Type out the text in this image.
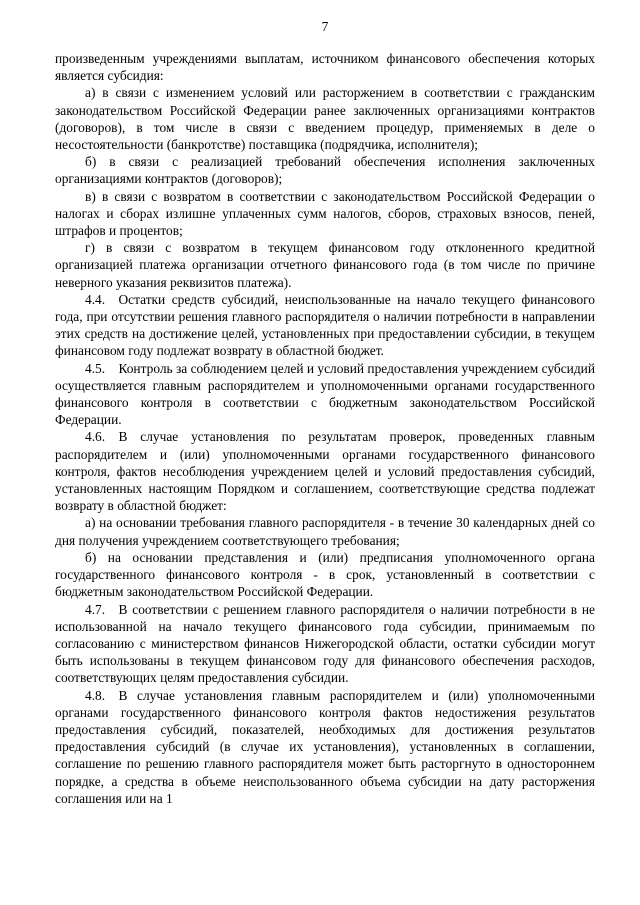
7

произведенным учреждениями выплатам, источником финансового обеспечения которых является субсидия:

а) в связи с изменением условий или расторжением в соответствии с гражданским законодательством Российской Федерации ранее заключенных организациями контрактов (договоров), в том числе в связи с введением процедур, применяемых в деле о несостоятельности (банкротстве) поставщика (подрядчика, исполнителя);

б) в связи с реализацией требований обеспечения исполнения заключенных организациями контрактов (договоров);

в) в связи с возвратом в соответствии с законодательством Российской Федерации о налогах и сборах излишне уплаченных сумм налогов, сборов, страховых взносов, пеней, штрафов и процентов;

г) в связи с возвратом в текущем финансовом году отклоненного кредитной организацией платежа организации отчетного финансового года (в том числе по причине неверного указания реквизитов платежа).

4.4. Остатки средств субсидий, неиспользованные на начало текущего финансового года, при отсутствии решения главного распорядителя о наличии потребности в направлении этих средств на достижение целей, установленных при предоставлении субсидии, в текущем финансовом году подлежат возврату в областной бюджет.

4.5. Контроль за соблюдением целей и условий предоставления учреждением субсидий осуществляется главным распорядителем и уполномоченными органами государственного финансового контроля в соответствии с бюджетным законодательством Российской Федерации.

4.6. В случае установления по результатам проверок, проведенных главным распорядителем и (или) уполномоченными органами государственного финансового контроля, фактов несоблюдения учреждением целей и условий предоставления субсидий, установленных настоящим Порядком и соглашением, соответствующие средства подлежат возврату в областной бюджет:

а) на основании требования главного распорядителя - в течение 30 календарных дней со дня получения учреждением соответствующего требования;

б) на основании представления и (или) предписания уполномоченного органа государственного финансового контроля - в срок, установленный в соответствии с бюджетным законодательством Российской Федерации.

4.7. В соответствии с решением главного распорядителя о наличии потребности в не использованной на начало текущего финансового года субсидии, принимаемым по согласованию с министерством финансов Нижегородской области, остатки субсидии могут быть использованы в текущем финансовом году для финансового обеспечения расходов, соответствующих целям предоставления субсидии.

4.8. В случае установления главным распорядителем и (или) уполномоченными органами государственного финансового контроля фактов недостижения результатов предоставления субсидий, показателей, необходимых для достижения результатов предоставления субсидий (в случае их установления), установленных в соглашении, соглашение по решению главного распорядителя может быть расторгнуто в одностороннем порядке, а средства в объеме неиспользованного объема субсидии на дату расторжения соглашения или на 1
